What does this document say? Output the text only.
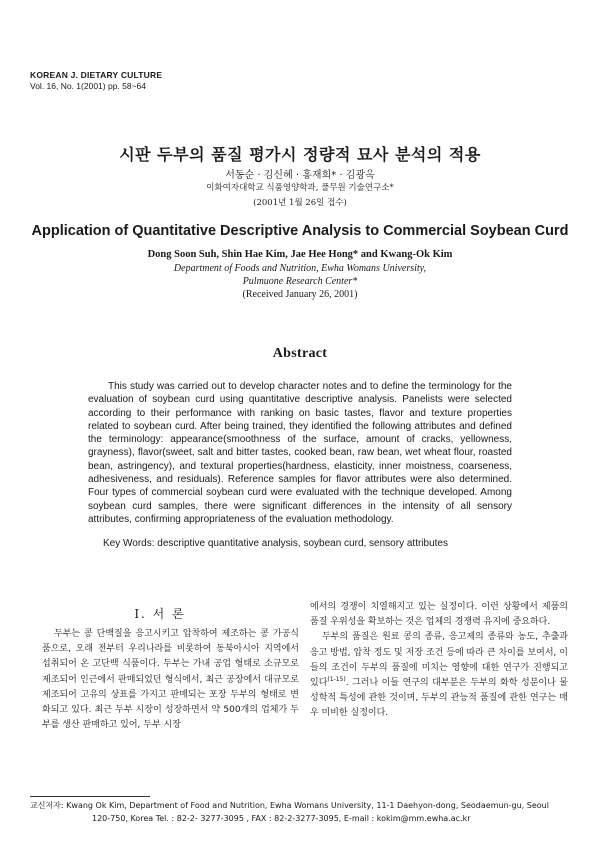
KOREAN J. DIETARY CULTURE
Vol. 16, No. 1(2001) pp. 58~64
시판 두부의 품질 평가시 정량적 묘사 분석의 적용
서동순 · 김신혜 · 홍재희* · 김광옥
이화여자대학교 식품영양학과, 풀무원 기술연구소*
(2001년 1월 26일 접수)
Application of Quantitative Descriptive Analysis to Commercial Soybean Curd
Dong Soon Suh, Shin Hae Kim, Jae Hee Hong* and Kwang-Ok Kim
Department of Foods and Nutrition, Ewha Womans University,
Pulmuone Research Center*
(Received January 26, 2001)
Abstract
This study was carried out to develop character notes and to define the terminology for the evaluation of soybean curd using quantitative descriptive analysis. Panelists were selected according to their performance with ranking on basic tastes, flavor and texture properties related to soybean curd. After being trained, they identified the following attributes and defined the terminology: appearance(smoothness of the surface, amount of cracks, yellowness, grayness), flavor(sweet, salt and bitter tastes, cooked bean, raw bean, wet wheat flour, roasted bean, astringency), and textural properties(hardness, elasticity, inner moistness, coarseness, adhesiveness, and residuals). Reference samples for flavor attributes were also determined. Four types of commercial soybean curd were evaluated with the technique developed. Among soybean curd samples, there were significant differences in the intensity of all sensory attributes, confirming appropriateness of the evaluation methodology.
Key Words: descriptive quantitative analysis, soybean curd, sensory attributes
I. 서 론

두부는 콩 단백질을 응고시키고 압착하여 제조하는 콩 가공식품으로, 오래 전부터 우리나라를 비롯하여 동북아시아 지역에서 섭취되어 온 고단백 식품이다. 두부는 가내 공업 형태로 소규모로 제조되어 인근에서 판매되었던 형식에서, 최근 공장에서 대규모로 제조되어 고유의 상표를 가지고 판매되는 포장 두부의 형태로 변화되고 있다. 최근 두부 시장이 성장하면서 약 500개의 업체가 두부를 생산 판매하고 있어, 두부 시장

에서의 경쟁이 치열해지고 있는 실정이다. 이런 상황에서 제품의 품질 우위성을 확보하는 것은 업체의 경쟁력 유지에 중요하다.

두부의 품질은 원료 콩의 종류, 응고제의 종류와 농도, 추출과 응고 방법, 압착 정도 및 저장 조건 등에 따라 큰 차이를 보여서, 이들의 조건이 두부의 품질에 미치는 영향에 대한 연구가 진행되고 있다$^{(1-15)}$. 그러나 이들 연구의 대부분은 두부의 화학 성분이나 물성학적 특성에 관한 것이며, 두부의 관능적 품질에 관한 연구는 매우 미비한 실정이다.

교신저자: Kwang Ok Kim, Department of Food and Nutrition, Ewha Womans University, 11-1 Daehyon-dong, Seodaemun-gu, Seoul
120-750, Korea Tel. : 82-2- 3277-3095 , FAX : 82-2-3277-3095, E-mail : kokim@mm.ewha.ac.kr
